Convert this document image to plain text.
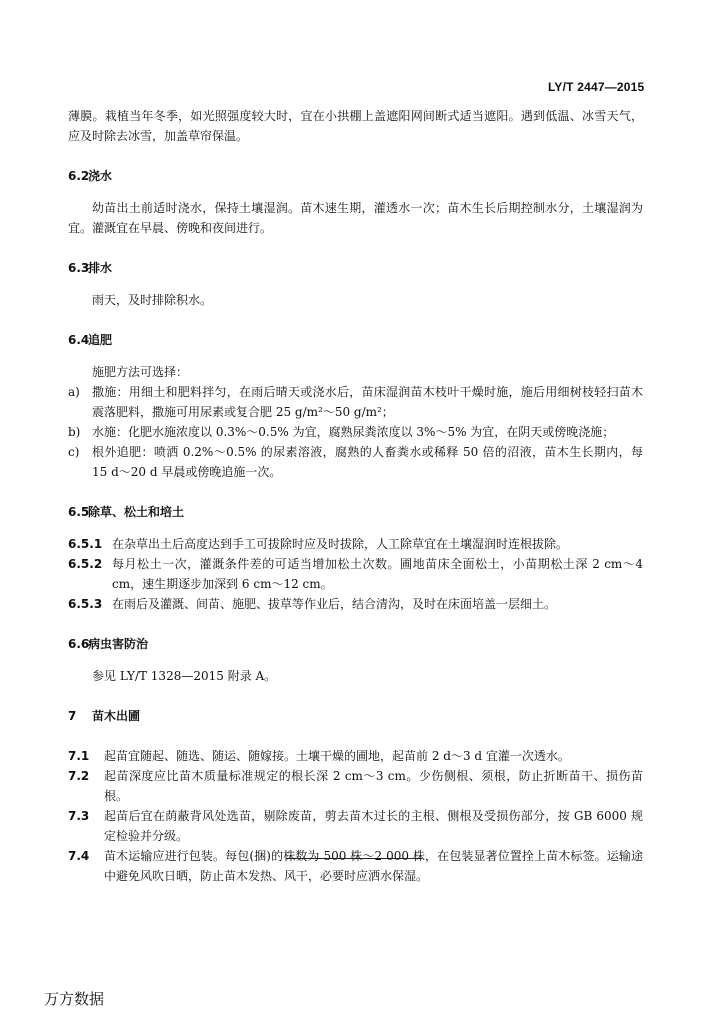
LY/T 2447—2015

薄膜。栽植当年冬季，如光照强度较大时，宜在小拱棚上盖遮阳网间断式适当遮阳。遇到低温、冰雪天气，应及时除去冰雪，加盖草帘保温。

6.2浇水

幼苗出土前适时浇水，保持土壤湿润。苗木速生期，灌透水一次；苗木生长后期控制水分，土壤湿润为宜。灌溉宜在早晨、傍晚和夜间进行。

6.3排水

雨天，及时排除积水。

6.4追肥

施肥方法可选择：

a)	撒施：用细土和肥料拌匀，在雨后晴天或浇水后，苗床湿润苗木枝叶干燥时施，施后用细树枝轻扫苗木震落肥料，撒施可用尿素或复合肥 25 g/m²～50 g/m²；
b) 水施：化肥水施浓度以 0.3%～0.5% 为宜，腐熟尿粪浓度以 3%～5% 为宜，在阴天或傍晚浇施；
c)	根外追肥：喷洒 0.2%～0.5% 的尿素溶液，腐熟的人畜粪水或稀释 50 倍的沼液，苗木生长期内，每 15 d～20 d 早晨或傍晚追施一次。
6.5除草、松土和培土
6.5.1 在杂草出土后高度达到手工可拔除时应及时拔除，人工除草宜在土壤湿润时连根拔除。
6.5.2 每月松土一次，灌溉条件差的可适当增加松土次数。圃地苗床全面松土，小苗期松土深 2 cm～4 cm，速生期逐步加深到 6 cm～12 cm。
6.5.3 在雨后及灌溉、间苗、施肥、拔草等作业后，结合清沟，及时在床面培盖一层细土。
6.6病虫害防治

参见 LY/T 1328—2015 附录 A。

7 苗木出圃
7.1	起苗宜随起、随选、随运、随嫁接。土壤干燥的圃地，起苗前 2 d～3 d 宜灌一次透水。
7.2	起苗深度应比苗木质量标准规定的根长深 2 cm～3 cm。少伤侧根、须根，防止折断苗干、损伤苗根。
7.3	起苗后宜在荫蔽背风处选苗，剔除废苗，剪去苗木过长的主根、侧根及受损伤部分，按 GB 6000 规定检验并分级。
7.4	苗木运输应进行包装。每包(捆)的株数为 500 株～2 000 株，在包装显著位置拴上苗木标签。运输途中避免风吹日晒，防止苗木发热、风干，必要时应洒水保湿。
万方数据
